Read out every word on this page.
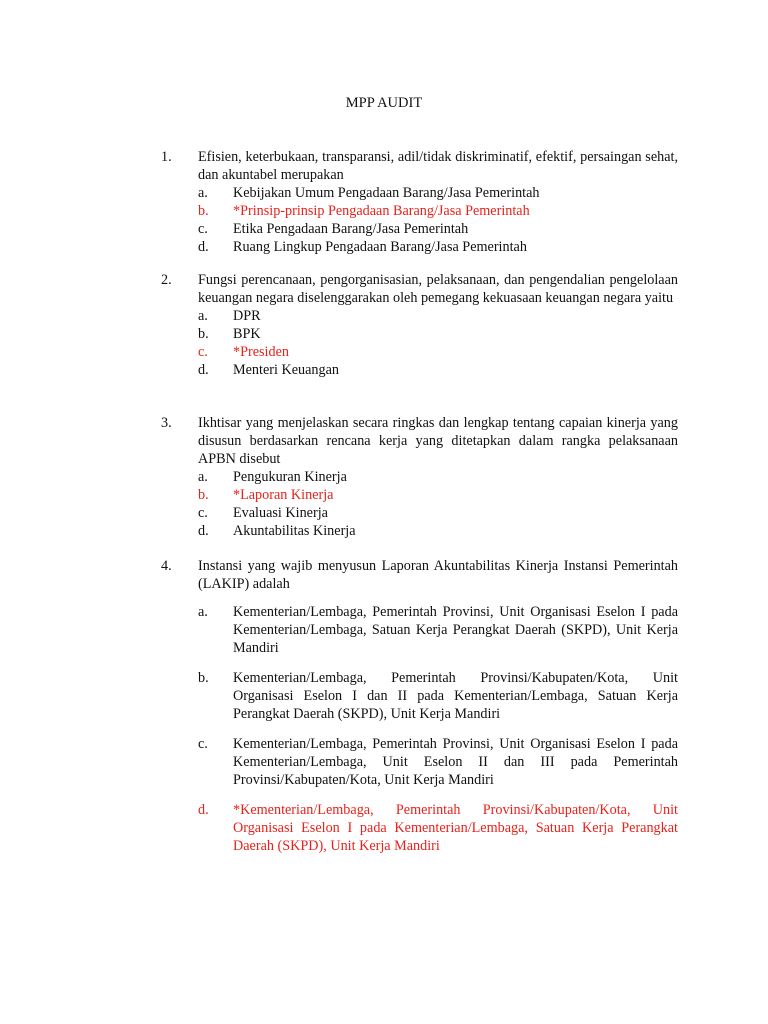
MPP AUDIT
1. Efisien, keterbukaan, transparansi, adil/tidak diskriminatif, efektif, persaingan sehat, dan akuntabel merupakan
a. Kebijakan Umum Pengadaan Barang/Jasa Pemerintah
b. *Prinsip-prinsip Pengadaan Barang/Jasa Pemerintah
c. Etika Pengadaan Barang/Jasa Pemerintah
d. Ruang Lingkup Pengadaan Barang/Jasa Pemerintah
2. Fungsi perencanaan, pengorganisasian, pelaksanaan, dan pengendalian pengelolaan keuangan negara diselenggarakan oleh pemegang kekuasaan keuangan negara yaitu
a. DPR
b. BPK
c. *Presiden
d. Menteri Keuangan
3. Ikhtisar yang menjelaskan secara ringkas dan lengkap tentang capaian kinerja yang disusun berdasarkan rencana kerja yang ditetapkan dalam rangka pelaksanaan APBN disebut
a. Pengukuran Kinerja
b. *Laporan Kinerja
c. Evaluasi Kinerja
d. Akuntabilitas Kinerja
4. Instansi yang wajib menyusun Laporan Akuntabilitas Kinerja Instansi Pemerintah (LAKIP) adalah
a. Kementerian/Lembaga, Pemerintah Provinsi, Unit Organisasi Eselon I pada Kementerian/Lembaga, Satuan Kerja Perangkat Daerah (SKPD), Unit Kerja Mandiri
b. Kementerian/Lembaga, Pemerintah Provinsi/Kabupaten/Kota, Unit Organisasi Eselon I dan II pada Kementerian/Lembaga, Satuan Kerja Perangkat Daerah (SKPD), Unit Kerja Mandiri
c. Kementerian/Lembaga, Pemerintah Provinsi, Unit Organisasi Eselon I pada Kementerian/Lembaga, Unit Eselon II dan III pada Pemerintah Provinsi/Kabupaten/Kota, Unit Kerja Mandiri
d. *Kementerian/Lembaga, Pemerintah Provinsi/Kabupaten/Kota, Unit Organisasi Eselon I pada Kementerian/Lembaga, Satuan Kerja Perangkat Daerah (SKPD), Unit Kerja Mandiri
